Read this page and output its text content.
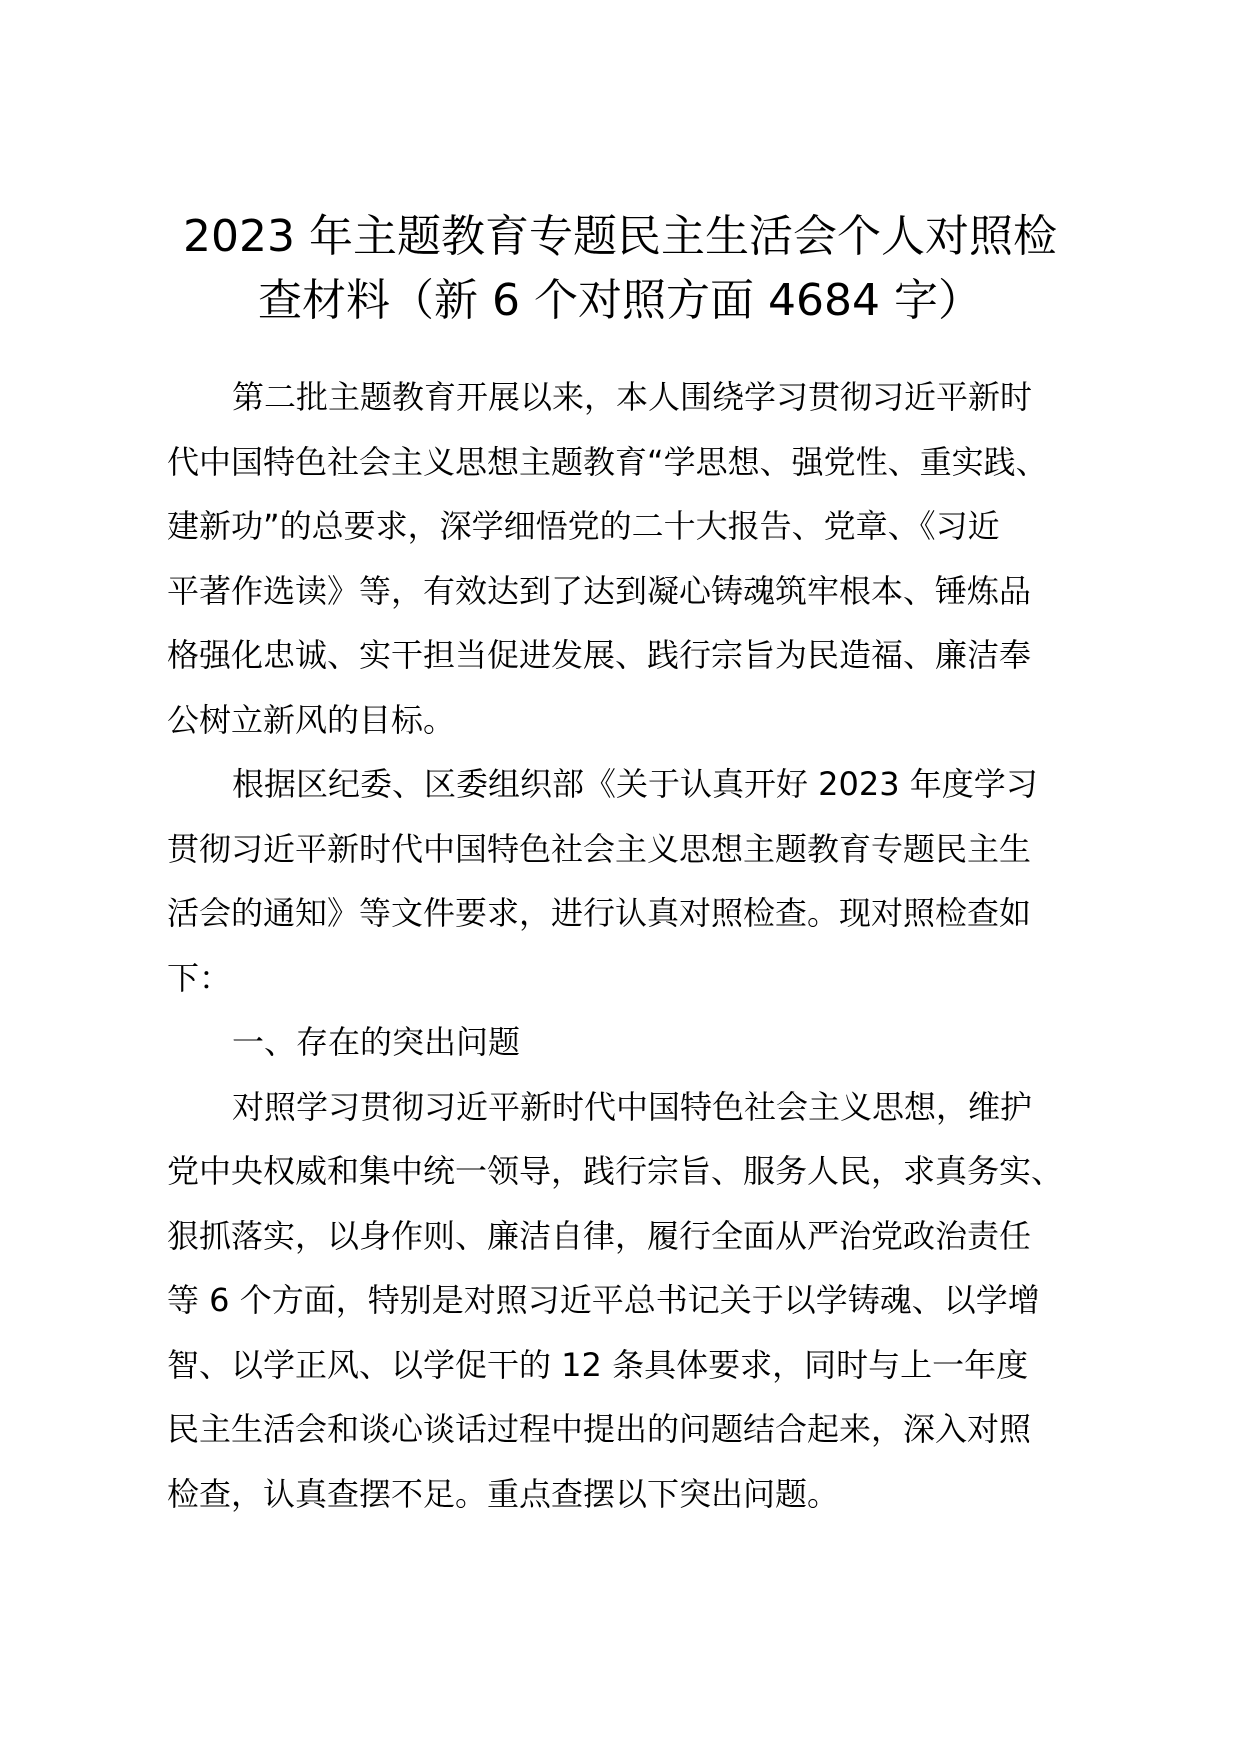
2023 年主题教育专题民主生活会个人对照检
查材料（新 6 个对照方面 4684 字）

第二批主题教育开展以来，本人围绕学习贯彻习近平新时
代中国特色社会主义思想主题教育“学思想、强党性、重实践、
建新功”的总要求，深学细悟党的二十大报告、党章、《习近
平著作选读》等，有效达到了达到凝心铸魂筑牢根本、锤炼品
格强化忠诚、实干担当促进发展、践行宗旨为民造福、廉洁奉
公树立新风的目标。

根据区纪委、区委组织部《关于认真开好 2023 年度学习
贯彻习近平新时代中国特色社会主义思想主题教育专题民主生
活会的通知》等文件要求，进行认真对照检查。现对照检查如
下：

一、存在的突出问题

对照学习贯彻习近平新时代中国特色社会主义思想，维护
党中央权威和集中统一领导，践行宗旨、服务人民，求真务实、
狠抓落实，以身作则、廉洁自律，履行全面从严治党政治责任
等 6 个方面，特别是对照习近平总书记关于以学铸魂、以学增
智、以学正风、以学促干的 12 条具体要求，同时与上一年度
民主生活会和谈心谈话过程中提出的问题结合起来，深入对照
检查，认真查摆不足。重点查摆以下突出问题。
